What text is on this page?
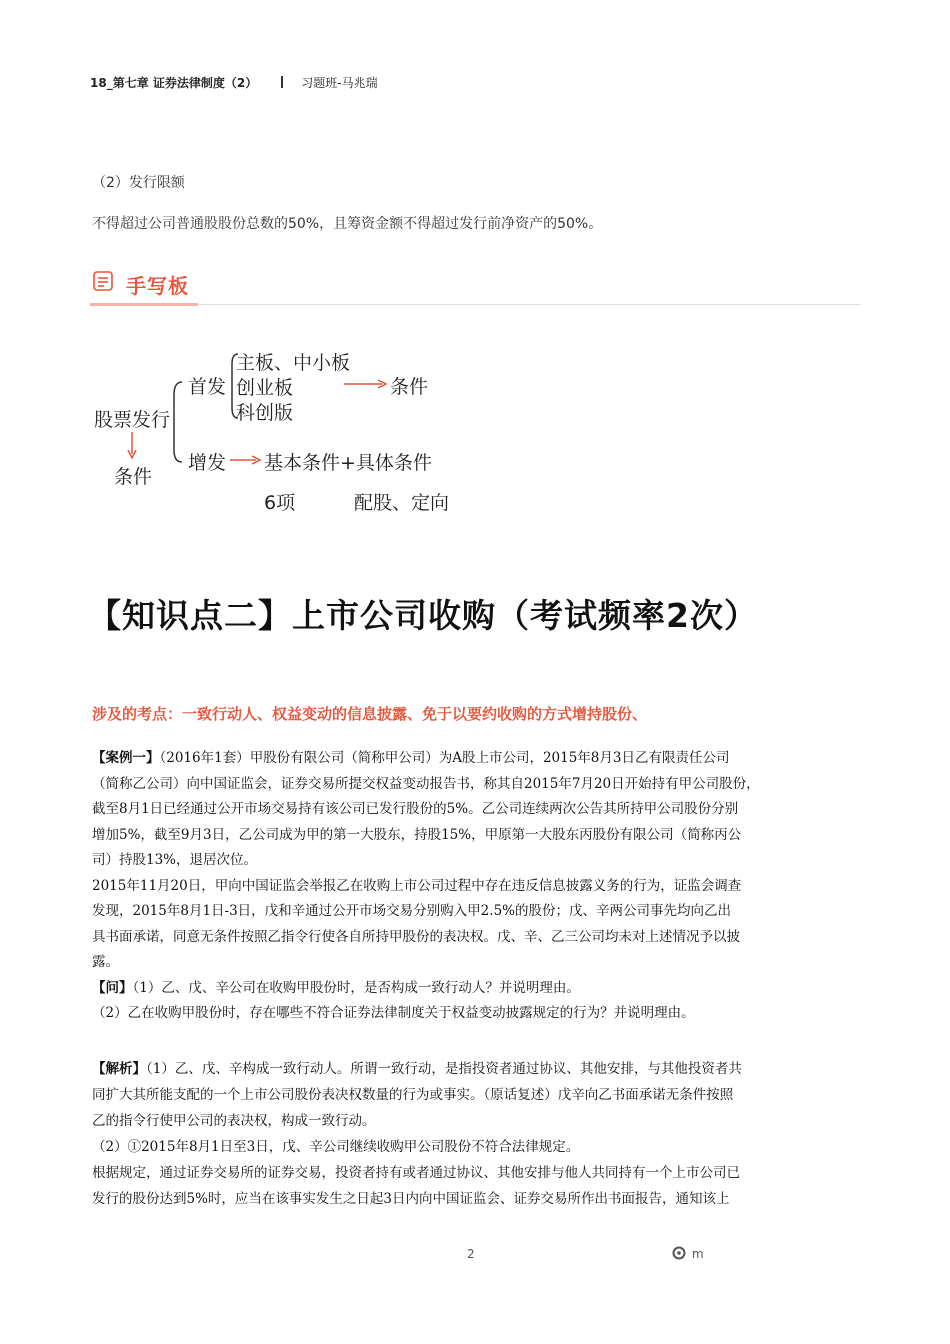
18_第七章 证券法律制度（2）	习题班-马兆瑞
（2）发行限额
不得超过公司普通股股份总数的50%，且筹资金额不得超过发行前净资产的50%。
手写板
股票发行
条件
首发
主板、中小板
创业板
科创版
条件
增发 基本条件+具体条件
6项	配股、定向
【知识点二】上市公司收购（考试频率2次）
涉及的考点：一致行动人、权益变动的信息披露、免于以要约收购的方式增持股份、
【案例一】（2016年1套）甲股份有限公司（简称甲公司）为A股上市公司，2015年8月3日乙有限责任公司
（简称乙公司）向中国证监会，证券交易所提交权益变动报告书，称其自2015年7月20日开始持有甲公司股份，
截至8月1日已经通过公开市场交易持有该公司已发行股份的5%。乙公司连续两次公告其所持甲公司股份分别
增加5%，截至9月3日，乙公司成为甲的第一大股东，持股15%，甲原第一大股东丙股份有限公司（简称丙公
司）持股13%，退居次位。
2015年11月20日，甲向中国证监会举报乙在收购上市公司过程中存在违反信息披露义务的行为，证监会调查
发现，2015年8月1日-3日，戊和辛通过公开市场交易分别购入甲2.5%的股份；戊、辛两公司事先均向乙出
具书面承诺，同意无条件按照乙指令行使各自所持甲股份的表决权。戊、辛、乙三公司均未对上述情况予以披
露。
【问】（1）乙、戊、辛公司在收购甲股份时，是否构成一致行动人？并说明理由。
（2）乙在收购甲股份时，存在哪些不符合证券法律制度关于权益变动披露规定的行为？并说明理由。
【解析】（1）乙、戊、辛构成一致行动人。所谓一致行动，是指投资者通过协议、其他安排，与其他投资者共
同扩大其所能支配的一个上市公司股份表决权数量的行为或事实。（原话复述）戊辛向乙书面承诺无条件按照
乙的指令行使甲公司的表决权，构成一致行动。
（2）①2015年8月1日至3日，戊、辛公司继续收购甲公司股份不符合法律规定。
根据规定，通过证券交易所的证券交易，投资者持有或者通过协议、其他安排与他人共同持有一个上市公司已
发行的股份达到5%时，应当在该事实发生之日起3日内向中国证监会、证券交易所作出书面报告，通知该上
2	m
